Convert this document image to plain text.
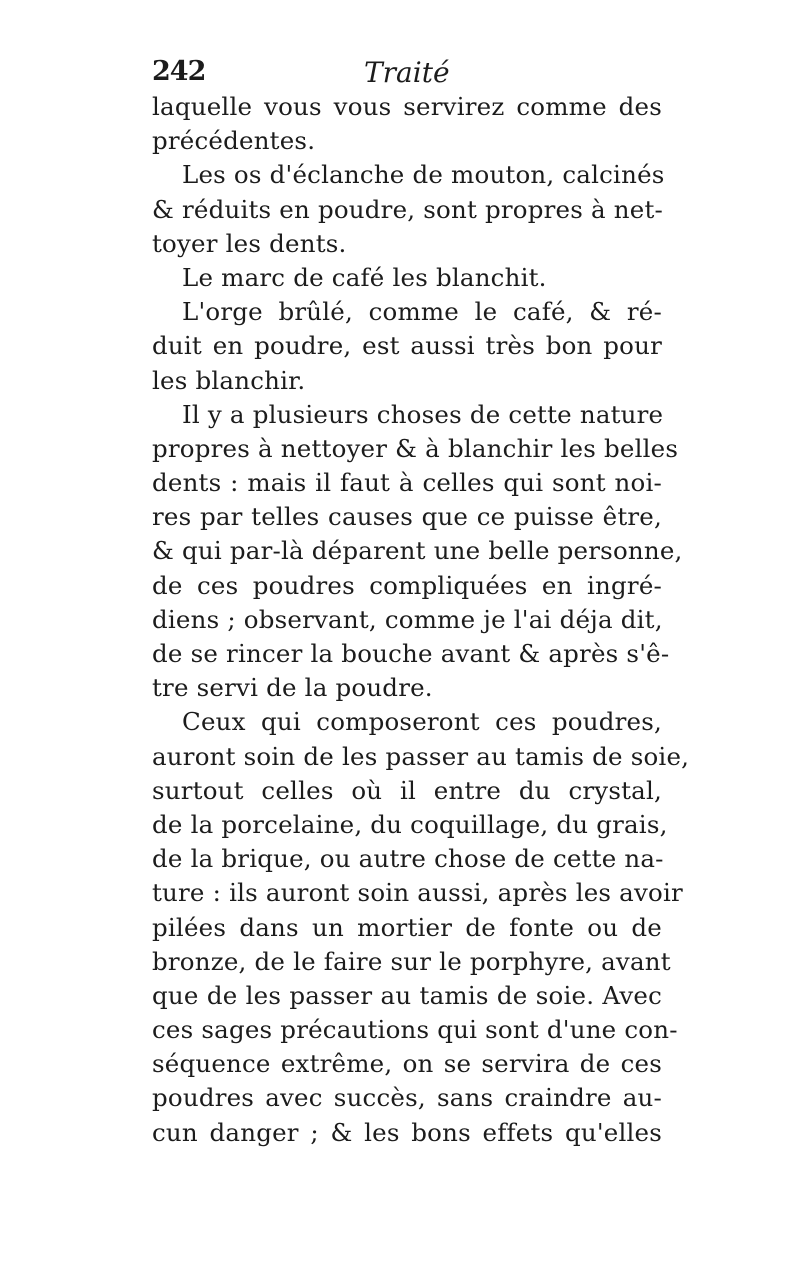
242	Traité
laquelle vous vous servirez comme des
précédentes.
Les os d'éclanche de mouton, calcinés
& réduits en poudre, sont propres à net-
toyer les dents.
Le marc de café les blanchit.
L'orge brûlé, comme le café, & ré-
duit en poudre, est aussi très bon pour
les blanchir.
Il y a plusieurs choses de cette nature
propres à nettoyer & à blanchir les belles
dents : mais il faut à celles qui sont noi-
res par telles causes que ce puisse être,
& qui par-là déparent une belle personne,
de ces poudres compliquées en ingré-
diens ; observant, comme je l'ai déja dit,
de se rincer la bouche avant & après s'ê-
tre servi de la poudre.
Ceux qui composeront ces poudres,
auront soin de les passer au tamis de soie,
surtout celles où il entre du crystal,
de la porcelaine, du coquillage, du grais,
de la brique, ou autre chose de cette na-
ture : ils auront soin aussi, après les avoir
pilées dans un mortier de fonte ou de
bronze, de le faire sur le porphyre, avant
que de les passer au tamis de soie. Avec
ces sages précautions qui sont d'une con-
séquence extrême, on se servira de ces
poudres avec succès, sans craindre au-
cun danger ; & les bons effets qu'elles
